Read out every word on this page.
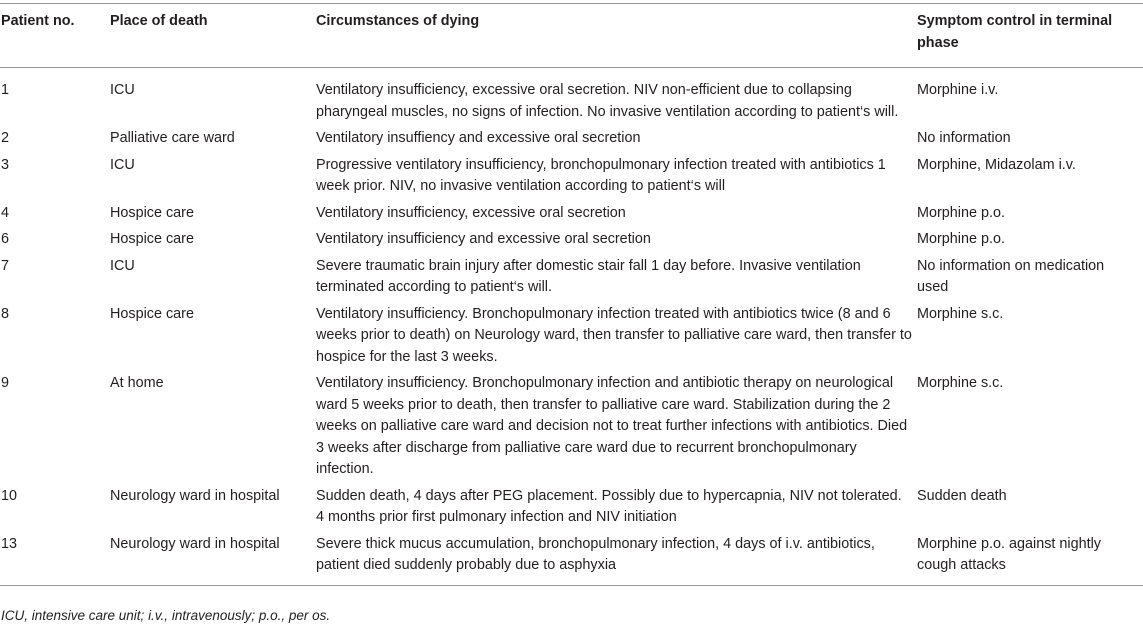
Patient no.	Place of death	Circumstances of dying	Symptom control in terminal phase
1	ICU	Ventilatory insufficiency, excessive oral secretion. NIV non-efficient due to collapsing pharyngeal muscles, no signs of infection. No invasive ventilation according to patient‘s will.	Morphine i.v.
2	Palliative care ward	Ventilatory insuffiency and excessive oral secretion	No information
3	ICU	Progressive ventilatory insufficiency, bronchopulmonary infection treated with antibiotics 1 week prior. NIV, no invasive ventilation according to patient‘s will	Morphine, Midazolam i.v.
4	Hospice care	Ventilatory insufficiency, excessive oral secretion	Morphine p.o.
6	Hospice care	Ventilatory insufficiency and excessive oral secretion	Morphine p.o.
7	ICU	Severe traumatic brain injury after domestic stair fall 1 day before. Invasive ventilation terminated according to patient‘s will.	No information on medication used
8	Hospice care	Ventilatory insufficiency. Bronchopulmonary infection treated with antibiotics twice (8 and 6 weeks prior to death) on Neurology ward, then transfer to palliative care ward, then transfer to hospice for the last 3 weeks.	Morphine s.c.
9	At home	Ventilatory insufficiency. Bronchopulmonary infection and antibiotic therapy on neurological ward 5 weeks prior to death, then transfer to palliative care ward. Stabilization during the 2 weeks on palliative care ward and decision not to treat further infections with antibiotics. Died 3 weeks after discharge from palliative care ward due to recurrent bronchopulmonary infection.	Morphine s.c.
10	Neurology ward in hospital	Sudden death, 4 days after PEG placement. Possibly due to hypercapnia, NIV not tolerated. 4 months prior first pulmonary infection and NIV initiation	Sudden death
13	Neurology ward in hospital	Severe thick mucus accumulation, bronchopulmonary infection, 4 days of i.v. antibiotics, patient died suddenly probably due to asphyxia	Morphine p.o. against nightly cough attacks
ICU, intensive care unit; i.v., intravenously; p.o., per os.
